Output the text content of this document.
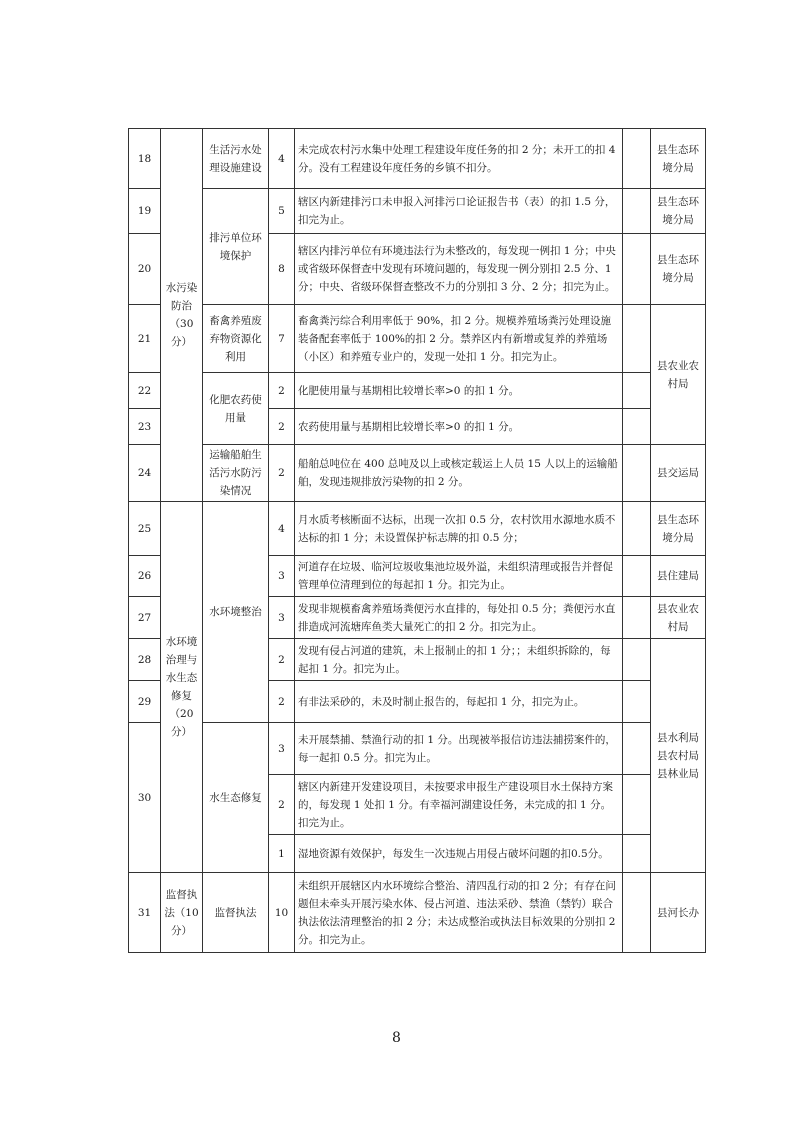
18	水污染防治（30分）	生活污水处理设施建设	4	未完成农村污水集中处理工程建设年度任务的扣 2 分；未开工的扣 4 分。没有工程建设年度任务的乡镇不扣分。		县生态环境分局
19		排污单位环境保护	5	辖区内新建排污口未申报入河排污口论证报告书（表）的扣 1.5 分，扣完为止。		县生态环境分局
20			8	辖区内排污单位有环境违法行为未整改的，每发现一例扣 1 分；中央或省级环保督查中发现有环境问题的，每发现一例分别扣 2.5 分、1 分；中央、省级环保督查整改不力的分别扣 3 分、2 分；扣完为止。		县生态环境分局
21		畜禽养殖废弃物资源化利用	7	畜禽粪污综合利用率低于 90%，扣 2 分。规模养殖场粪污处理设施装备配套率低于 100%的扣 2 分。禁养区内有新增或复养的养殖场（小区）和养殖专业户的，发现一处扣 1 分。扣完为止。		县农业农村局
22		化肥农药使用量	2	化肥使用量与基期相比较增长率>0 的扣 1 分。		
23			2	农药使用量与基期相比较增长率>0 的扣 1 分。		
24		运输船舶生活污水防污染情况	2	船舶总吨位在 400 总吨及以上或核定载运上人员 15 人以上的运输船舶，发现违规排放污染物的扣 2 分。		县交运局
25	水环境治理与水生态修复（20分）	水环境整治	4	月水质考核断面不达标，出现一次扣 0.5 分，农村饮用水源地水质不达标的扣 1 分；未设置保护标志牌的扣 0.5 分；		县生态环境分局
26			3	河道存在垃圾、临河垃圾收集池垃圾外溢，未组织清理或报告并督促管理单位清理到位的每起扣 1 分。扣完为止。		县住建局
27			3	发现非规模畜禽养殖场粪便污水直排的，每处扣 0.5 分；粪便污水直排造成河流塘库鱼类大量死亡的扣 2 分。扣完为止。		县农业农村局
28			2	发现有侵占河道的建筑，未上报制止的扣 1 分；；未组织拆除的，每起扣 1 分。扣完为止。		县水利局县农村局县林业局
29			2	有非法采砂的，未及时制止报告的，每起扣 1 分，扣完为止。		
30		水生态修复	3	未开展禁捕、禁渔行动的扣 1 分。出现被举报信访违法捕捞案件的，每一起扣 0.5 分。扣完为止。		
			2	辖区内新建开发建设项目，未按要求申报生产建设项目水土保持方案的，每发现 1 处扣 1 分。有幸福河湖建设任务，未完成的扣 1 分。扣完为止。		
			1	湿地资源有效保护，每发生一次违规占用侵占破坏问题的扣0.5分。		
31	监督执法（10分）	监督执法	10	未组织开展辖区内水环境综合整治、清四乱行动的扣 2 分；有存在问题但未牵头开展污染水体、侵占河道、违法采砂、禁渔（禁钓）联合执法依法清理整治的扣 2 分；未达成整治或执法目标效果的分别扣 2 分。扣完为止。		县河长办
8
